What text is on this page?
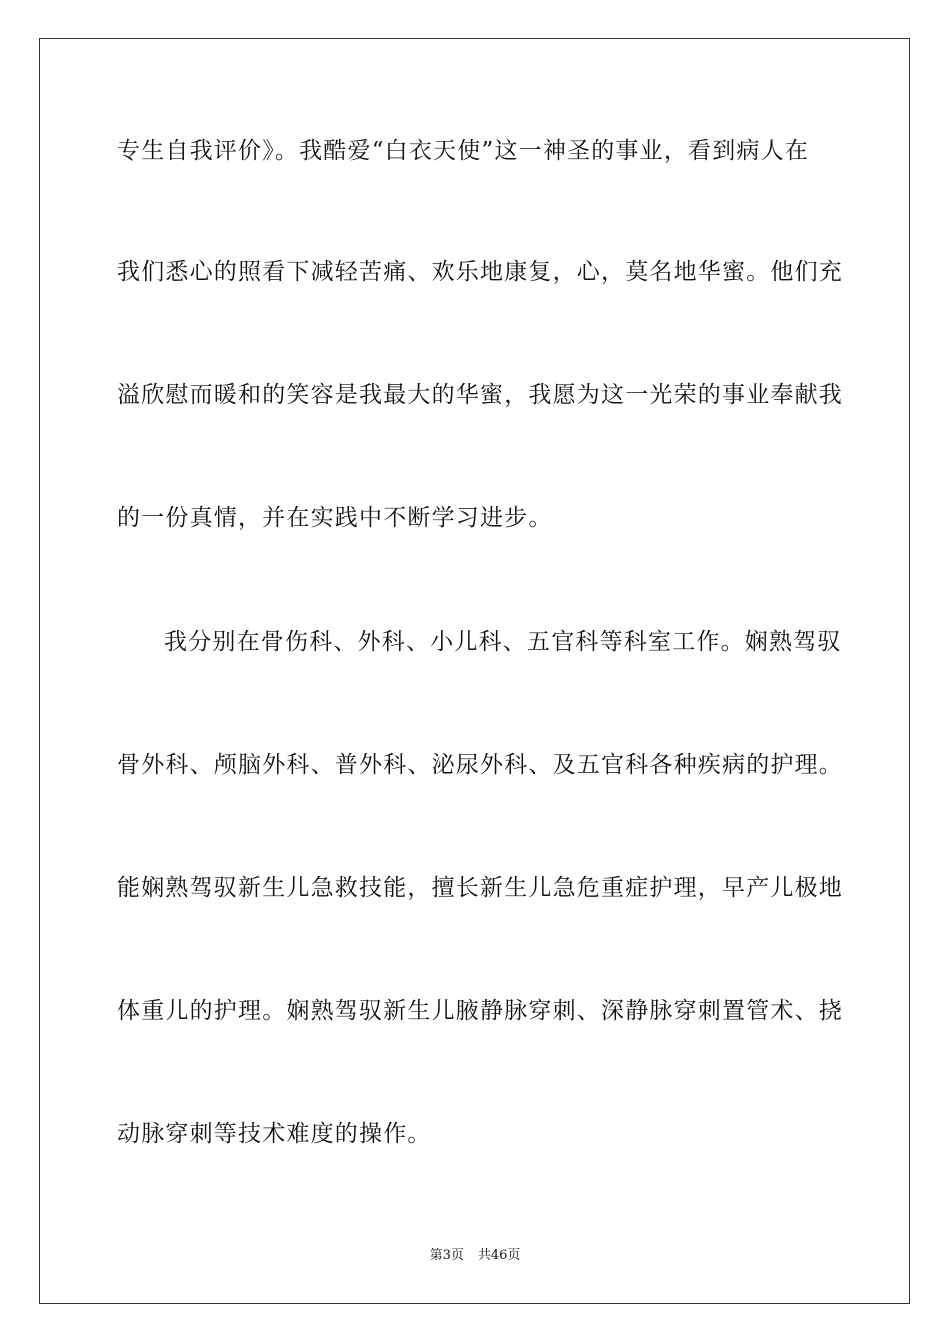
专生自我评价》。我酷爱“白衣天使”这一神圣的事业，看到病人在
我们悉心的照看下减轻苦痛、欢乐地康复，心，莫名地华蜜。他们充
溢欣慰而暖和的笑容是我最大的华蜜，我愿为这一光荣的事业奉献我
的一份真情，并在实践中不断学习进步。
我分别在骨伤科、外科、小儿科、五官科等科室工作。娴熟驾驭
骨外科、颅脑外科、普外科、泌尿外科、及五官科各种疾病的护理。
能娴熟驾驭新生儿急救技能，擅长新生儿急危重症护理，早产儿极地
体重儿的护理。娴熟驾驭新生儿腋静脉穿刺、深静脉穿刺置管术、挠
动脉穿刺等技术难度的操作。
第3页 共46页
